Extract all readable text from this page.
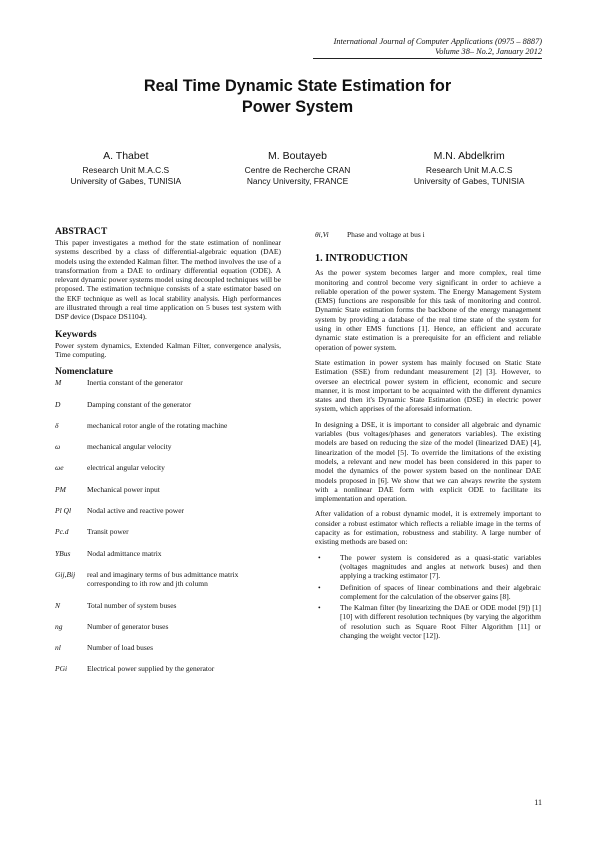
International Journal of Computer Applications (0975 – 8887)
Volume 38– No.2, January 2012
Real Time Dynamic State Estimation for
Power System
A. Thabet
Research Unit M.A.C.S
University of Gabes, TUNISIA
M. Boutayeb
Centre de Recherche CRAN
Nancy University, FRANCE
M.N. Abdelkrim
Research Unit M.A.C.S
University of Gabes, TUNISIA
ABSTRACT
This paper investigates a method for the state estimation of nonlinear systems described by a class of differential-algebraic equation (DAE) models using the extended Kalman filter. The method involves the use of a transformation from a DAE to ordinary differential equation (ODE). A relevant dynamic power systems model using decoupled techniques will be proposed. The estimation technique consists of a state estimator based on the EKF technique as well as local stability analysis. High performances are illustrated through a real time application on 5 buses test system with DSP device (Dspace DS1104).
Keywords
Power system dynamics, Extended Kalman Filter, convergence analysis, Time computing.
Nomenclature
M	Inertia constant of the generator
D	Damping constant of the generator
δ	mechanical rotor angle of the rotating machine
ω	mechanical angular velocity
ωe	electrical angular velocity
PM	Mechanical power input
Pl Ql	Nodal active and reactive power
Pc.d	Transit power
YBus	Nodal admittance matrix
Gij,Bij	real and imaginary terms of bus admittance matrix corresponding to ith row and jth column
N	Total number of system buses
ng	Number of generator buses
nl	Number of load buses
PGi	Electrical power supplied by the generator
θi,Vi	Phase and voltage at bus i
1. INTRODUCTION
As the power system becomes larger and more complex, real time monitoring and control become very significant in order to achieve a reliable operation of the power system. The Energy Management System (EMS) functions are responsible for this task of monitoring and control. Dynamic State estimation forms the backbone of the energy management system by providing a database of the real time state of the system for using in other EMS functions [1]. Hence, an efficient and accurate dynamic state estimation is a prerequisite for an efficient and reliable operation of power system.
State estimation in power system has mainly focused on Static State Estimation (SSE) from redundant measurement [2] [3]. However, to oversee an electrical power system in efficient, economic and secure manner, it is most important to be acquainted with the different dynamics states and then it's Dynamic State Estimation (DSE) in electric power system, which apprises of the aforesaid information.
In designing a DSE, it is important to consider all algebraic and dynamic variables (bus voltages/phases and generators variables). The existing models are based on reducing the size of the model (linearized DAE) [4], linearization of the model [5]. To override the limitations of the existing models, a relevant and new model has been considered in this paper to model the dynamics of the power system based on the nonlinear DAE models proposed in [6]. We show that we can always rewrite the system with a nonlinear DAE form with explicit ODE to facilitate its implementation and operation.
After validation of a robust dynamic model, it is extremely important to consider a robust estimator which reflects a reliable image in the terms of capacity as for estimation, robustness and stability. A large number of existing methods are based on:
•	The power system is considered as a quasi-static variables (voltages magnitudes and angles at network buses) and then applying a tracking estimator [7].
•	Definition of spaces of linear combinations and their algebraic complement for the calculation of the observer gains [8].
•	The Kalman filter (by linearizing the DAE or ODE model [9]) [1] [10] with different resolution techniques (by varying the algorithm of resolution such as Square Root Filter Algorithm [11] or changing the weight vector [12]).
11
